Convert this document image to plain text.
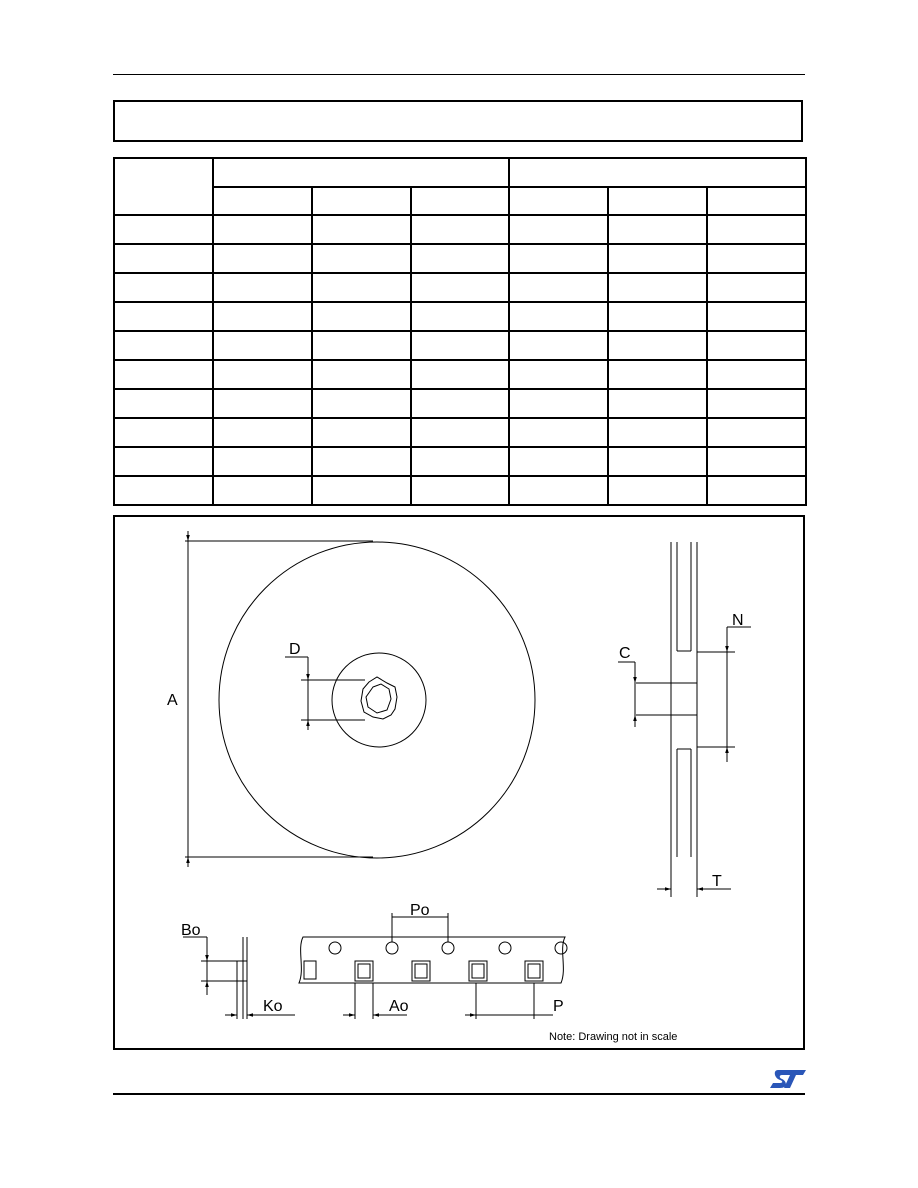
A
D	C
N
T
Po
Bo
Ko	Ao	P
Note: Drawing not in scale
